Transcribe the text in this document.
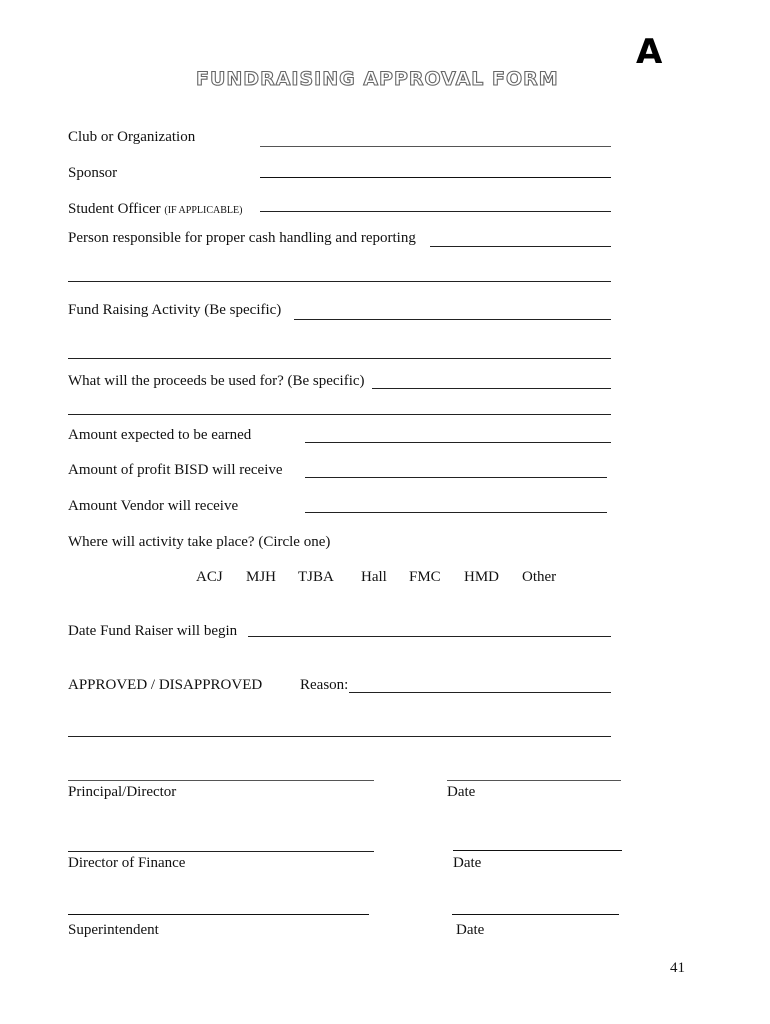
A
FUNDRAISING APPROVAL FORM
Club or Organization
Sponsor
Student Officer (IF APPLICABLE)
Person responsible for proper cash handling and reporting
Fund Raising Activity (Be specific)
What will the proceeds be used for? (Be specific)
Amount expected to be earned
Amount of profit BISD will receive
Amount Vendor will receive
Where will activity take place? (Circle one)
ACJ MJH TJBA Hall FMC HMD Other
Date Fund Raiser will begin
APPROVED / DISAPPROVED	Reason:
Principal/Director	Date
Director of Finance	Date
Superintendent	Date
41
